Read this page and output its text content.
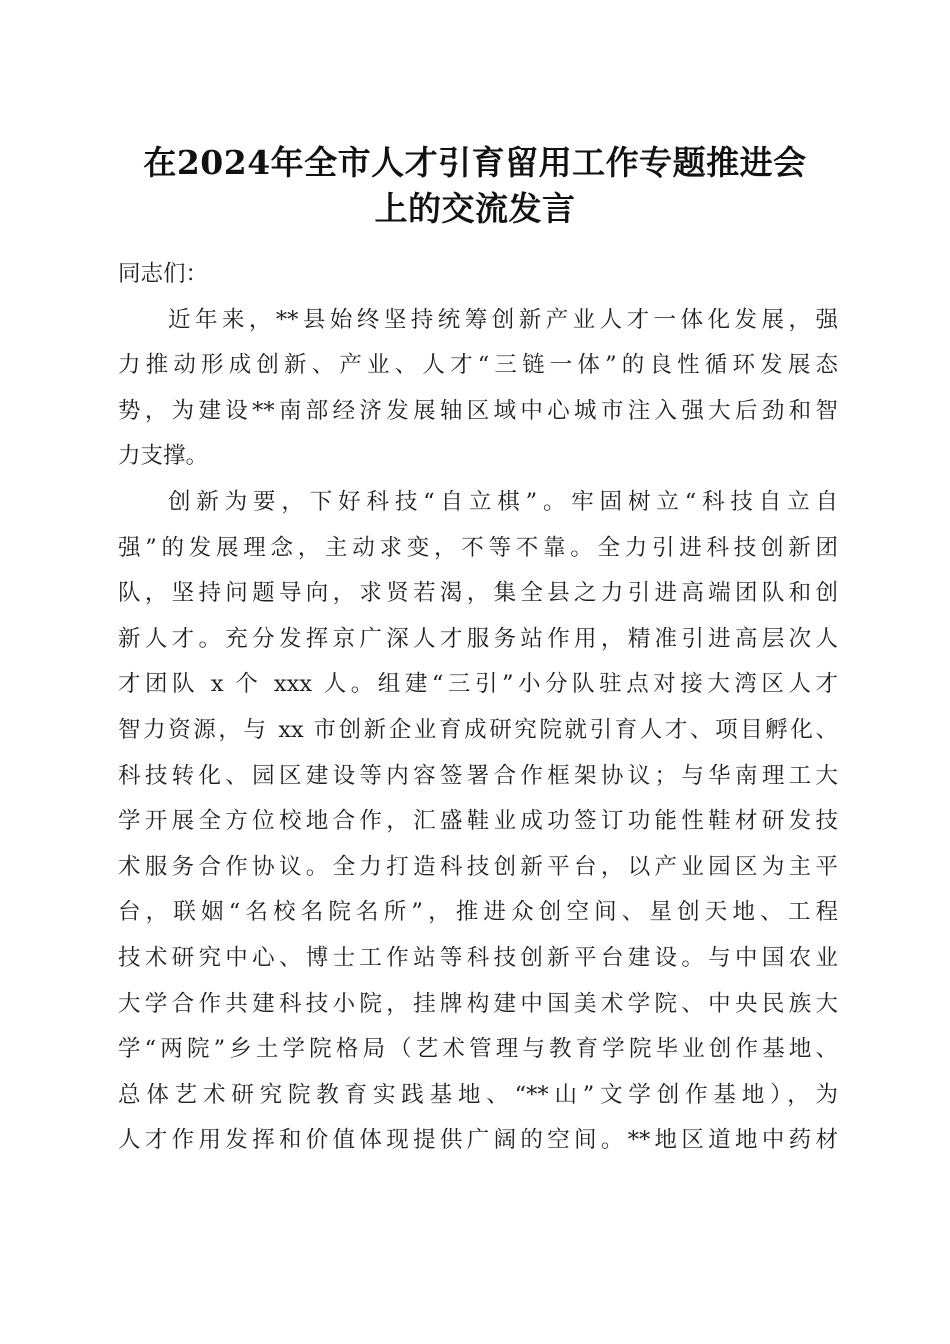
在2024年全市人才引育留用工作专题推进会
上的交流发言
同志们：
近年来，**县始终坚持统筹创新产业人才一体化发展，强
力推动形成创新、产业、人才“三链一体”的良性循环发展态
势，为建设**南部经济发展轴区域中心城市注入强大后劲和智
力支撑。
创新为要，下好科技“自立棋”。牢固树立“科技自立自
强”的发展理念，主动求变，不等不靠。全力引进科技创新团
队，坚持问题导向，求贤若渴，集全县之力引进高端团队和创
新人才。充分发挥京广深人才服务站作用，精准引进高层次人
才团队 x 个 xxx 人。组建“三引”小分队驻点对接大湾区人才
智力资源，与 xx 市创新企业育成研究院就引育人才、项目孵化、
科技转化、园区建设等内容签署合作框架协议；与华南理工大
学开展全方位校地合作，汇盛鞋业成功签订功能性鞋材研发技
术服务合作协议。全力打造科技创新平台，以产业园区为主平
台，联姻“名校名院名所”，推进众创空间、星创天地、工程
技术研究中心、博士工作站等科技创新平台建设。与中国农业
大学合作共建科技小院，挂牌构建中国美术学院、中央民族大
学“两院”乡土学院格局（艺术管理与教育学院毕业创作基地、
总体艺术研究院教育实践基地、“**山”文学创作基地），为
人才作用发挥和价值体现提供广阔的空间。**地区道地中药材
